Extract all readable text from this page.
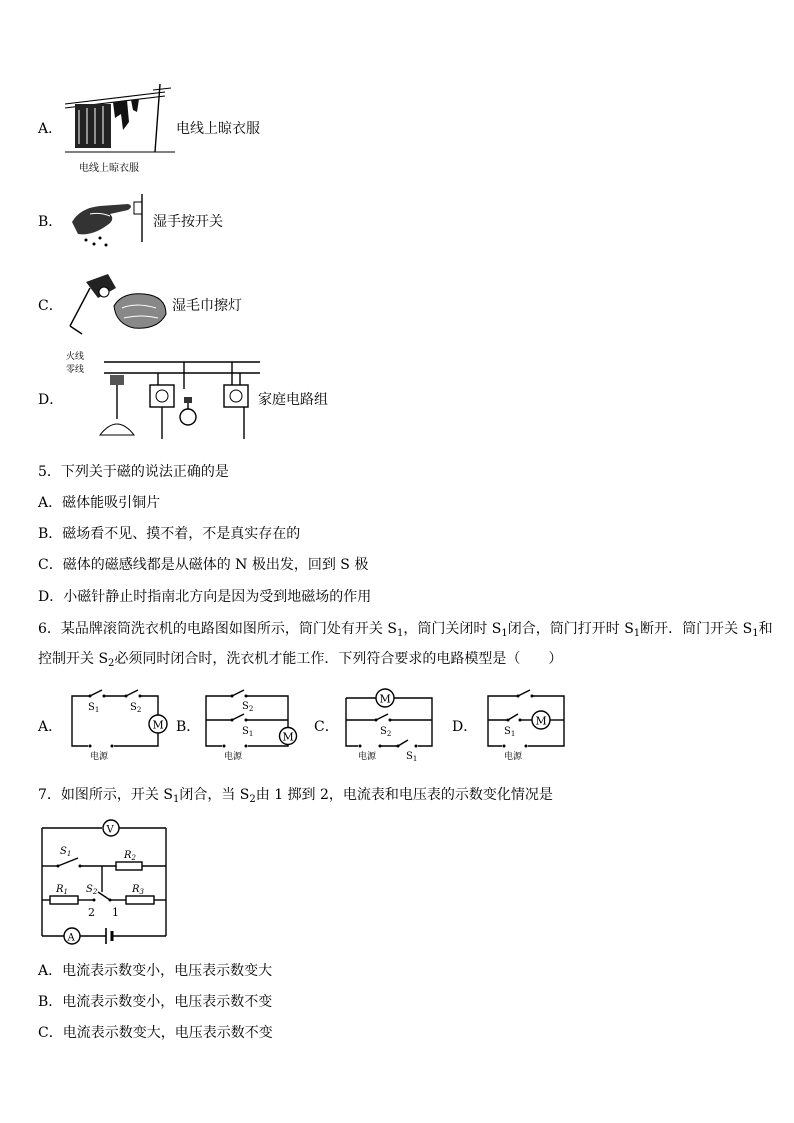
A．
电线上晾衣服
电线上晾衣服
B．	湿手按开关
C．	湿毛巾擦灯
D．
火线
零线
家庭电路组
5．下列关于磁的说法正确的是
A．磁体能吸引铜片
B．磁场看不见、摸不着，不是真实存在的
C．磁体的磁感线都是从磁体的 N 极出发，回到 S 极
D．小磁针静止时指南北方向是因为受到地磁场的作用
6．某品牌滚筒洗衣机的电路图如图所示，筒门处有开关 $S_1$，筒门关闭时 $S_1$闭合，筒门打开时 $S_1$断开．筒门开关 $S_1$和
控制开关 $S_2$必须同时闭合时，洗衣机才能工作．下列符合要求的电路模型是（　　）
A．	M
$S_1$	$S_2$
电源
B．
M
$S_2$
$S_1$
电源
C．
M
$S_2$
电源	$S_1$
D．	M
$S_1$
电源
7．如图所示，开关 $S_1$闭合，当 $S_2$由 1 掷到 2，电流表和电压表的示数变化情况是
V
$S_1$	$R_2$
$R_1$ $S_2$	$R_3$
2 1
A
A．电流表示数变小，电压表示数变大
B．电流表示数变小，电压表示数不变
C．电流表示数变大，电压表示数不变
